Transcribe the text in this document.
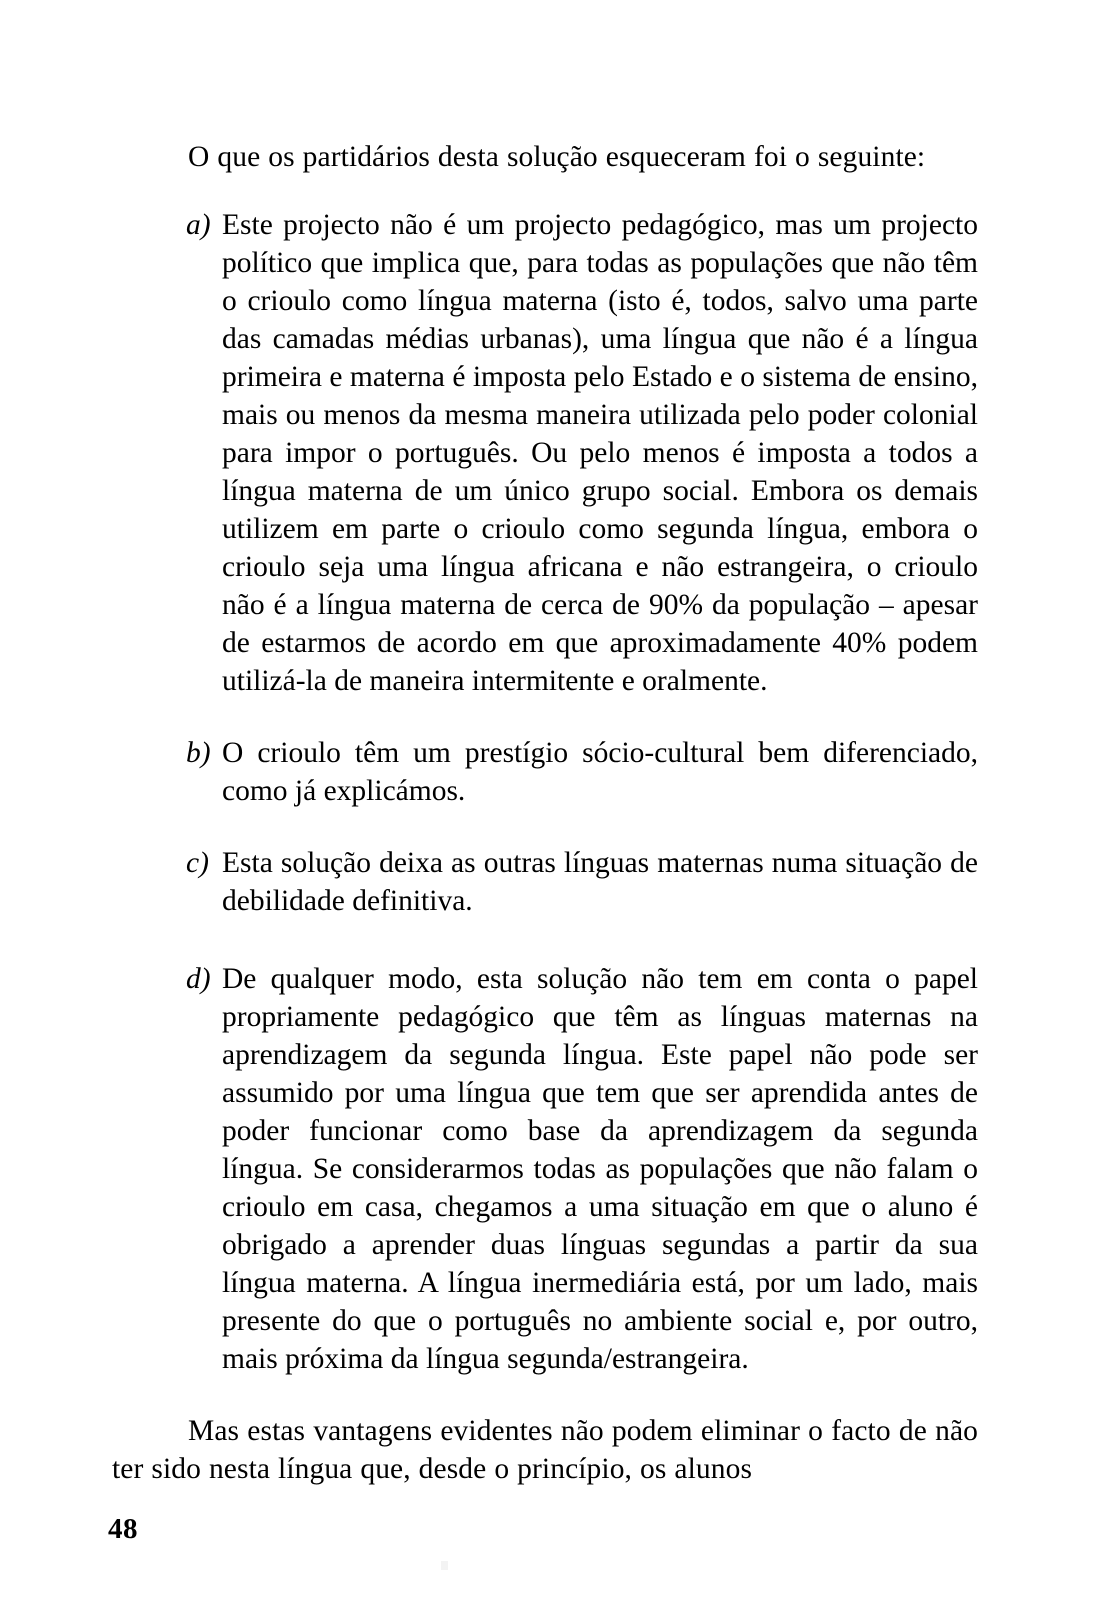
O que os partidários desta solução esqueceram foi o seguinte:

a) Este projecto não é um projecto pedagógico, mas um projecto político que implica que, para todas as populações que não têm o crioulo como língua materna (isto é, todos, salvo uma parte das camadas médias urbanas), uma língua que não é a língua primeira e materna é imposta pelo Estado e o sistema de ensino, mais ou menos da mesma maneira utilizada pelo poder colonial para impor o português. Ou pelo menos é imposta a todos a língua materna de um único grupo social. Embora os demais utilizem em parte o crioulo como segunda língua, embora o crioulo seja uma língua africana e não estrangeira, o crioulo não é a língua materna de cerca de 90% da população – apesar de estarmos de acordo em que aproximadamente 40% podem utilizá-la de maneira intermitente e oralmente.
b) O crioulo têm um prestígio sócio-cultural bem diferenciado, como já explicámos.
c) Esta solução deixa as outras línguas maternas numa situação de debilidade definitiva.
d) De qualquer modo, esta solução não tem em conta o papel propriamente pedagógico que têm as línguas maternas na aprendizagem da segunda língua. Este papel não pode ser assumido por uma língua que tem que ser aprendida antes de poder funcionar como base da aprendizagem da segunda língua. Se considerarmos todas as populações que não falam o crioulo em casa, chegamos a uma situação em que o aluno é obrigado a aprender duas línguas segundas a partir da sua língua materna. A língua inermediária está, por um lado, mais presente do que o português no ambiente social e, por outro, mais próxima da língua segunda/estrangeira.

Mas estas vantagens evidentes não podem eliminar o facto de não ter sido nesta língua que, desde o princípio, os alunos

48
